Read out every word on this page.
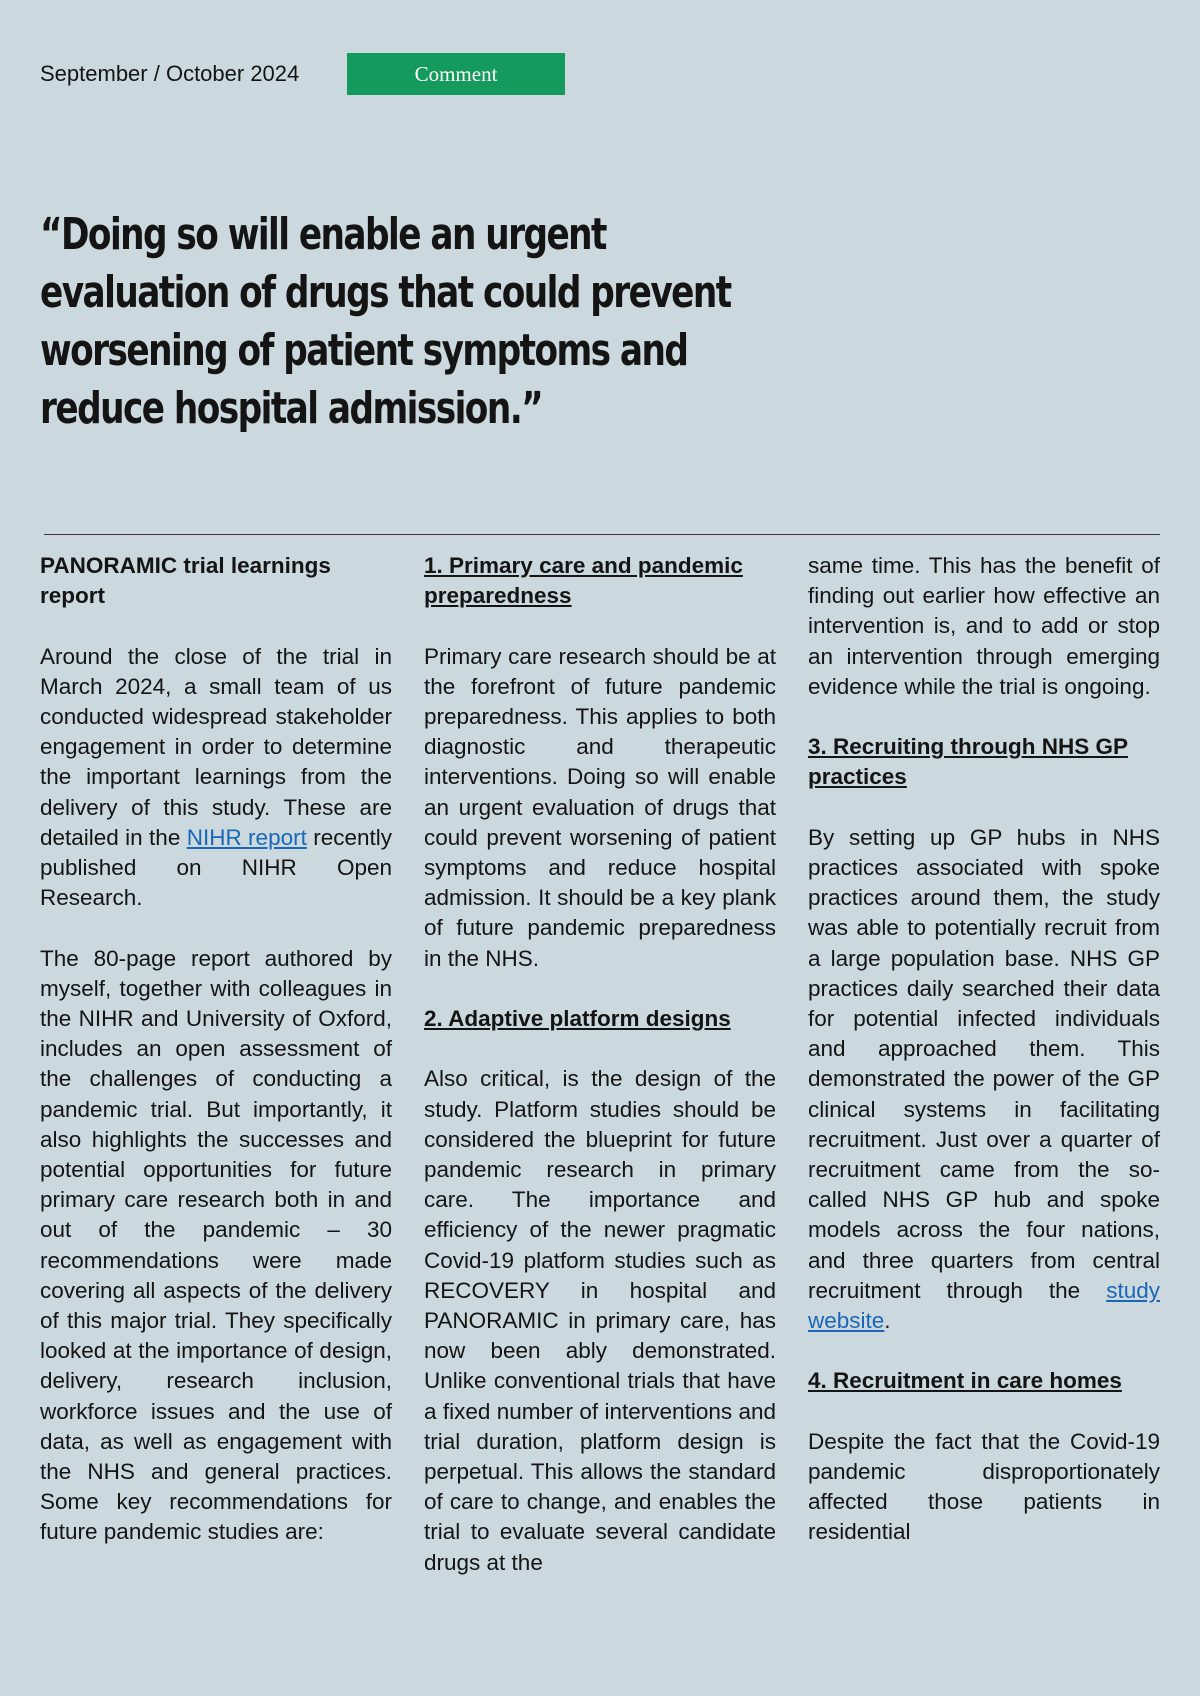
September / October 2024	Comment

“Doing so will enable an urgent evaluation of drugs that could prevent worsening of patient symptoms and reduce hospital admission.”

PANORAMIC trial learnings report

Around the close of the trial in March 2024, a small team of us conducted widespread stakeholder engagement in order to determine the important learnings from the delivery of this study. These are detailed in the NIHR report recently published on NIHR Open Research.

The 80-page report authored by myself, together with colleagues in the NIHR and University of Oxford, includes an open assessment of the challenges of conducting a pandemic trial. But importantly, it also highlights the successes and potential opportunities for future primary care research both in and out of the pandemic – 30 recommendations were made covering all aspects of the delivery of this major trial. They specifically looked at the importance of design, delivery, research inclusion, workforce issues and the use of data, as well as engagement with the NHS and general practices. Some key recommendations for future pandemic studies are:

1. Primary care and pandemic preparedness

Primary care research should be at the forefront of future pandemic preparedness. This applies to both diagnostic and therapeutic interventions. Doing so will enable an urgent evaluation of drugs that could prevent worsening of patient symptoms and reduce hospital admission. It should be a key plank of future pandemic preparedness in the NHS.

2. Adaptive platform designs

Also critical, is the design of the study. Platform studies should be considered the blueprint for future pandemic research in primary care. The importance and efficiency of the newer pragmatic Covid-19 platform studies such as RECOVERY in hospital and PANORAMIC in primary care, has now been ably demonstrated. Unlike conventional trials that have a fixed number of interventions and trial duration, platform design is perpetual. This allows the standard of care to change, and enables the trial to evaluate several candidate drugs at the

same time. This has the benefit of finding out earlier how effective an intervention is, and to add or stop an intervention through emerging evidence while the trial is ongoing.

3. Recruiting through NHS GP practices

By setting up GP hubs in NHS practices associated with spoke practices around them, the study was able to potentially recruit from a large population base. NHS GP practices daily searched their data for potential infected individuals and approached them. This demonstrated the power of the GP clinical systems in facilitating recruitment. Just over a quarter of recruitment came from the so-called NHS GP hub and spoke models across the four nations, and three quarters from central recruitment through the study website.

4. Recruitment in care homes

Despite the fact that the Covid-19 pandemic disproportionately affected those patients in residential
